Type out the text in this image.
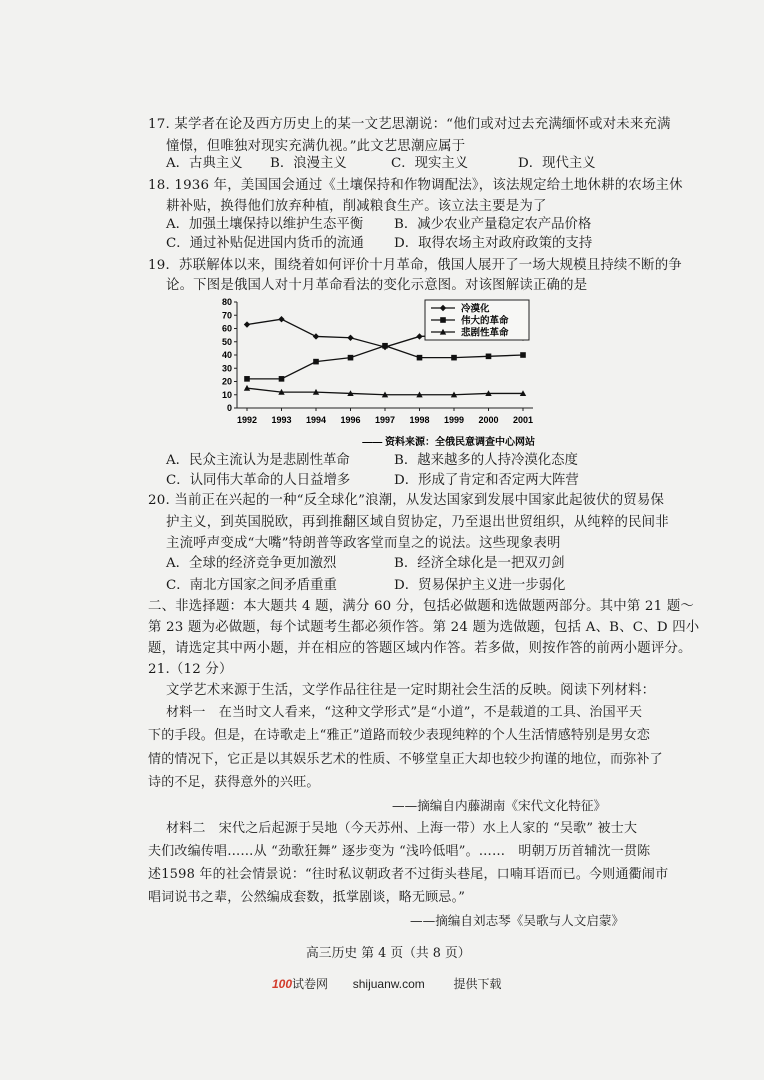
17. 某学者在论及西方历史上的某一文艺思潮说：“他们或对过去充满缅怀或对未来充满
憧憬，但唯独对现实充满仇视。”此文艺思潮应属于
A．古典主义 B．浪漫主义	C．现实主义	D．现代主义
18. 1936 年，美国国会通过《土壤保持和作物调配法》，该法规定给土地休耕的农场主休
耕补贴，换得他们放弃种植，削减粮食生产。该立法主要是为了
A．加强土壤保持以维护生态平衡 B．减少农业产量稳定农产品价格
C．通过补贴促进国内货币的流通 D．取得农场主对政府政策的支持
19．苏联解体以来，围绕着如何评价十月革命，俄国人展开了一场大规模且持续不断的争
论。下图是俄国人对十月革命看法的变化示意图。对该图解读正确的是
80
70
60
50
40
30
20
10
0
1992 1993 1994 1996 1997 1998 1999 2000 2001
冷漠化
伟大的革命
悲剧性革命
—— 资料来源：全俄民意调查中心网站
A．民众主流认为是悲剧性革命	B．越来越多的人持冷漠化态度
C．认同伟大革命的人日益增多	D．形成了肯定和否定两大阵营
20. 当前正在兴起的一种“反全球化”浪潮，从发达国家到发展中国家此起彼伏的贸易保
护主义，到英国脱欧，再到推翻区域自贸协定，乃至退出世贸组织，从纯粹的民间非
主流呼声变成“大嘴”特朗普等政客堂而皇之的说法。这些现象表明
A．全球的经济竞争更加激烈	B．经济全球化是一把双刃剑
C．南北方国家之间矛盾重重	D．贸易保护主义进一步弱化
二、非选择题：本大题共 4 题，满分 60 分，包括必做题和选做题两部分。其中第 21 题～
第 23 题为必做题，每个试题考生都必须作答。第 24 题为选做题，包括 A、B、C、D 四小
题，请选定其中两小题，并在相应的答题区域内作答。若多做，则按作答的前两小题评分。
21.（12 分）
文学艺术来源于生活，文学作品往往是一定时期社会生活的反映。阅读下列材料：
材料一　在当时文人看来，“这种文学形式”是“小道”，不是载道的工具、治国平天
下的手段。但是，在诗歌走上“雅正”道路而较少表现纯粹的个人生活情感特别是男女恋
情的情况下，它正是以其娱乐艺术的性质、不够堂皇正大却也较少拘谨的地位，而弥补了
诗的不足，获得意外的兴旺。
——摘编自内藤湖南《宋代文化特征》
材料二　宋代之后起源于吴地（今天苏州、上海一带）水上人家的 “吴歌” 被士大
夫们改编传唱……从 “劲歌狂舞” 逐步变为 “浅吟低唱”。……　明朝万历首辅沈一贯陈
述1598 年的社会情景说：“往时私议朝政者不过街头巷尾，口喃耳语而已。今则通衢闹市
唱词说书之辈，公然编成套数，抵掌剧谈，略无顾忌。”
——摘编自刘志琴《吴歌与人文启蒙》
高三历史 第 4 页（共 8 页）
100试卷网 shijuanw.com 提供下载
